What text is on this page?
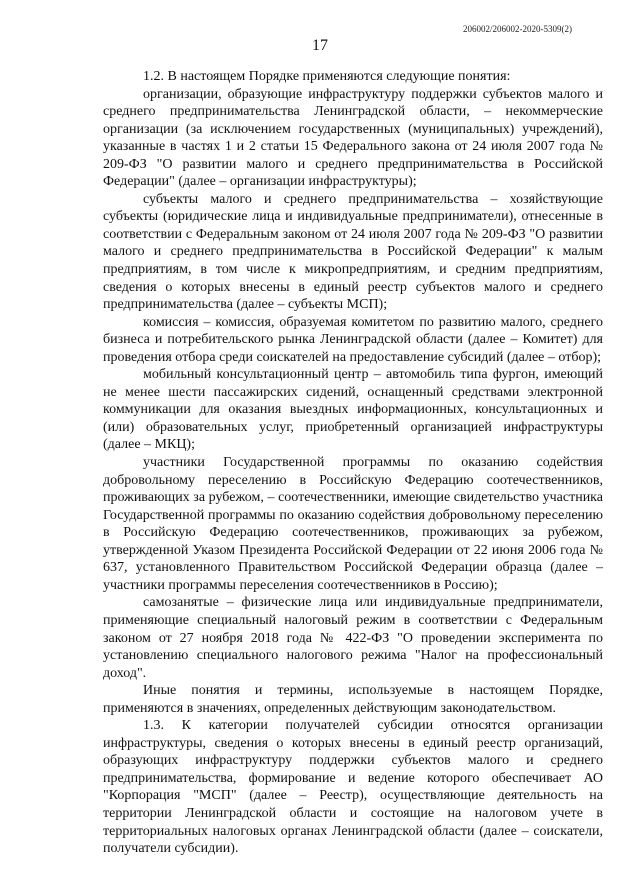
206002/206002-2020-5309(2)
17

1.2. В настоящем Порядке применяются следующие понятия:

организации, образующие инфраструктуру поддержки субъектов малого и среднего предпринимательства Ленинградской области, – некоммерческие организации (за исключением государственных (муниципальных) учреждений), указанные в частях 1 и 2 статьи 15 Федерального закона от 24 июля 2007 года № 209-ФЗ "О развитии малого и среднего предпринимательства в Российской Федерации" (далее – организации инфраструктуры);

субъекты малого и среднего предпринимательства – хозяйствующие субъекты (юридические лица и индивидуальные предприниматели), отнесенные в соответствии с Федеральным законом от 24 июля 2007 года № 209-ФЗ "О развитии малого и среднего предпринимательства в Российской Федерации" к малым предприятиям, в том числе к микропредприятиям, и средним предприятиям, сведения о которых внесены в единый реестр субъектов малого и среднего предпринимательства (далее – субъекты МСП);

комиссия – комиссия, образуемая комитетом по развитию малого, среднего бизнеса и потребительского рынка Ленинградской области (далее – Комитет) для проведения отбора среди соискателей на предоставление субсидий (далее – отбор);

мобильный консультационный центр – автомобиль типа фургон, имеющий не менее шести пассажирских сидений, оснащенный средствами электронной коммуникации для оказания выездных информационных, консультационных и (или) образовательных услуг, приобретенный организацией инфраструктуры (далее – МКЦ);

участники Государственной программы по оказанию содействия добровольному переселению в Российскую Федерацию соотечественников, проживающих за рубежом, – соотечественники, имеющие свидетельство участника Государственной программы по оказанию содействия добровольному переселению в Российскую Федерацию соотечественников, проживающих за рубежом, утвержденной Указом Президента Российской Федерации от 22 июня 2006 года № 637, установленного Правительством Российской Федерации образца (далее – участники программы переселения соотечественников в Россию);

самозанятые – физические лица или индивидуальные предприниматели, применяющие специальный налоговый режим в соответствии с Федеральным законом от 27 ноября 2018 года № 422-ФЗ "О проведении эксперимента по установлению специального налогового режима "Налог на профессиональный доход".

Иные понятия и термины, используемые в настоящем Порядке, применяются в значениях, определенных действующим законодательством.

1.3. К категории получателей субсидии относятся организации инфраструктуры, сведения о которых внесены в единый реестр организаций, образующих инфраструктуру поддержки субъектов малого и среднего предпринимательства, формирование и ведение которого обеспечивает АО "Корпорация "МСП" (далее – Реестр), осуществляющие деятельность на территории Ленинградской области и состоящие на налоговом учете в территориальных налоговых органах Ленинградской области (далее – соискатели, получатели субсидии).
